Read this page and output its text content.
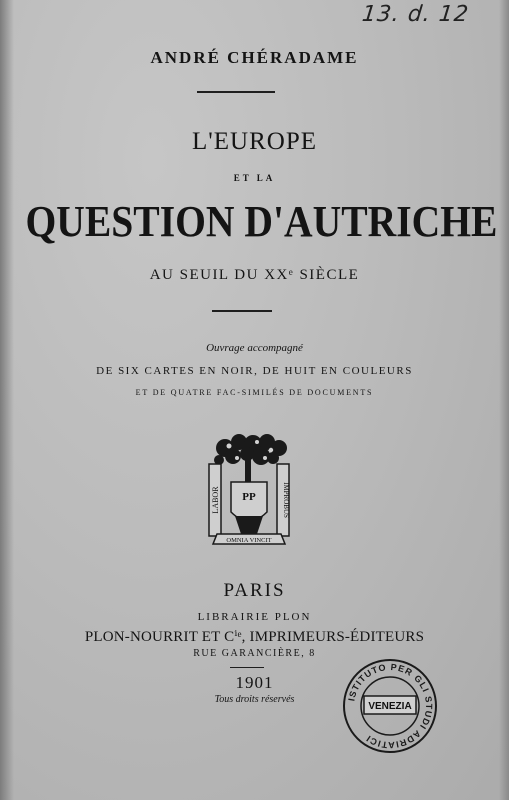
13. d. 12
ANDRÉ CHÉRADAME
L'EUROPE
ET LA
QUESTION D'AUTRICHE
AU SEUIL DU XXᵉ SIÈCLE
Ouvrage accompagné
DE SIX CARTES EN NOIR, DE HUIT EN COULEURS
ET DE QUATRE FAC-SIMILÉS DE DOCUMENTS
LABOR	IMPROBUS
PP
OMNIA VINCIT
PARIS
LIBRAIRIE PLON
PLON-NOURRIT ET Cⁱᵉ, IMPRIMEURS-ÉDITEURS
RUE GARANCIÈRE, 8
1901
Tous droits réservés	ISTITUTO PER GLI STUDI ADRIATICI
VENEZIA
